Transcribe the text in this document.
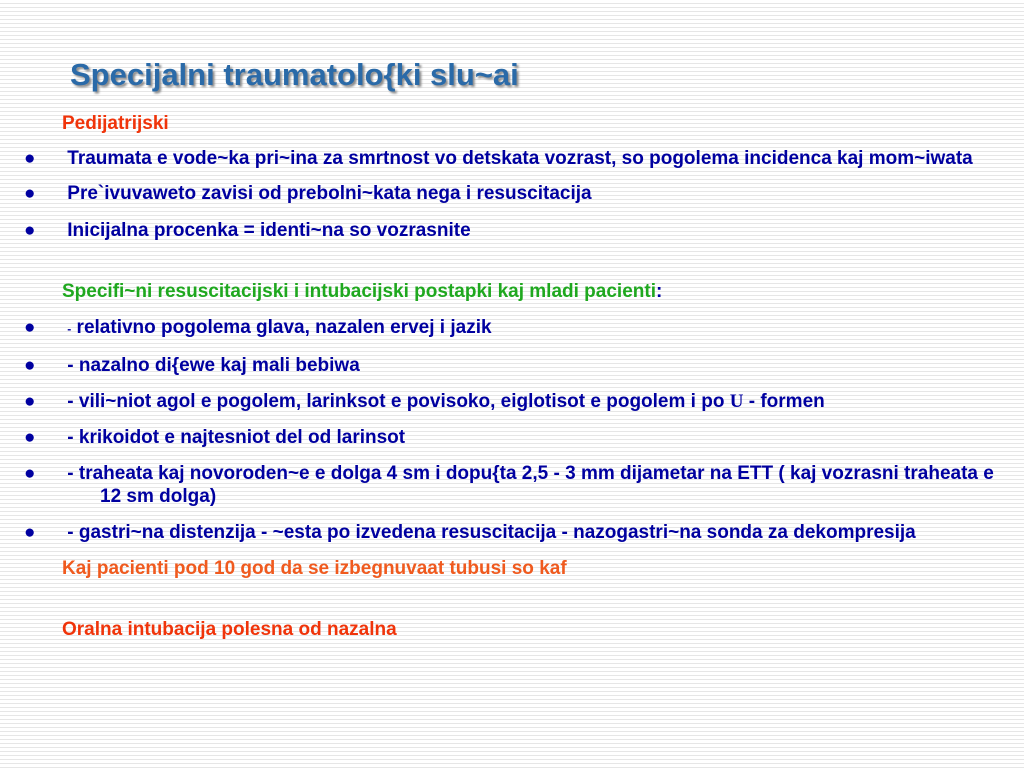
Specijalni traumatolo{ki slu~ai

Pedijatrijski

● Traumata e vode~ka pri~ina za smrtnost vo detskata vozrast, so pogolema incidenca kaj mom~iwata

● Pre`ivuvaweto zavisi od prebolni~kata nega i resuscitacija

● Inicijalna procenka = identi~na so vozrasnite

Specifi~ni resuscitacijski i intubacijski postapki kaj mladi pacienti:

●	- relativno pogolema glava, nazalen ervej i jazik

● - nazalno di{ewe kaj mali bebiwa

● - vili~niot agol e pogolem, larinksot e povisoko, eiglotisot e pogolem i po U - formen

● - krikoidot e najtesniot del od larinsot

● - traheata kaj novoroden~e e dolga 4 sm i dopu{ta 2,5 - 3 mm dijametar na ETT ( kaj vozrasni traheata e 12 sm dolga)

● - gastri~na distenzija - ~esta po izvedena resuscitacija - nazogastri~na sonda za dekompresija

Kaj pacienti pod 10 god da se izbegnuvaat tubusi so kaf

Oralna intubacija polesna od nazalna
